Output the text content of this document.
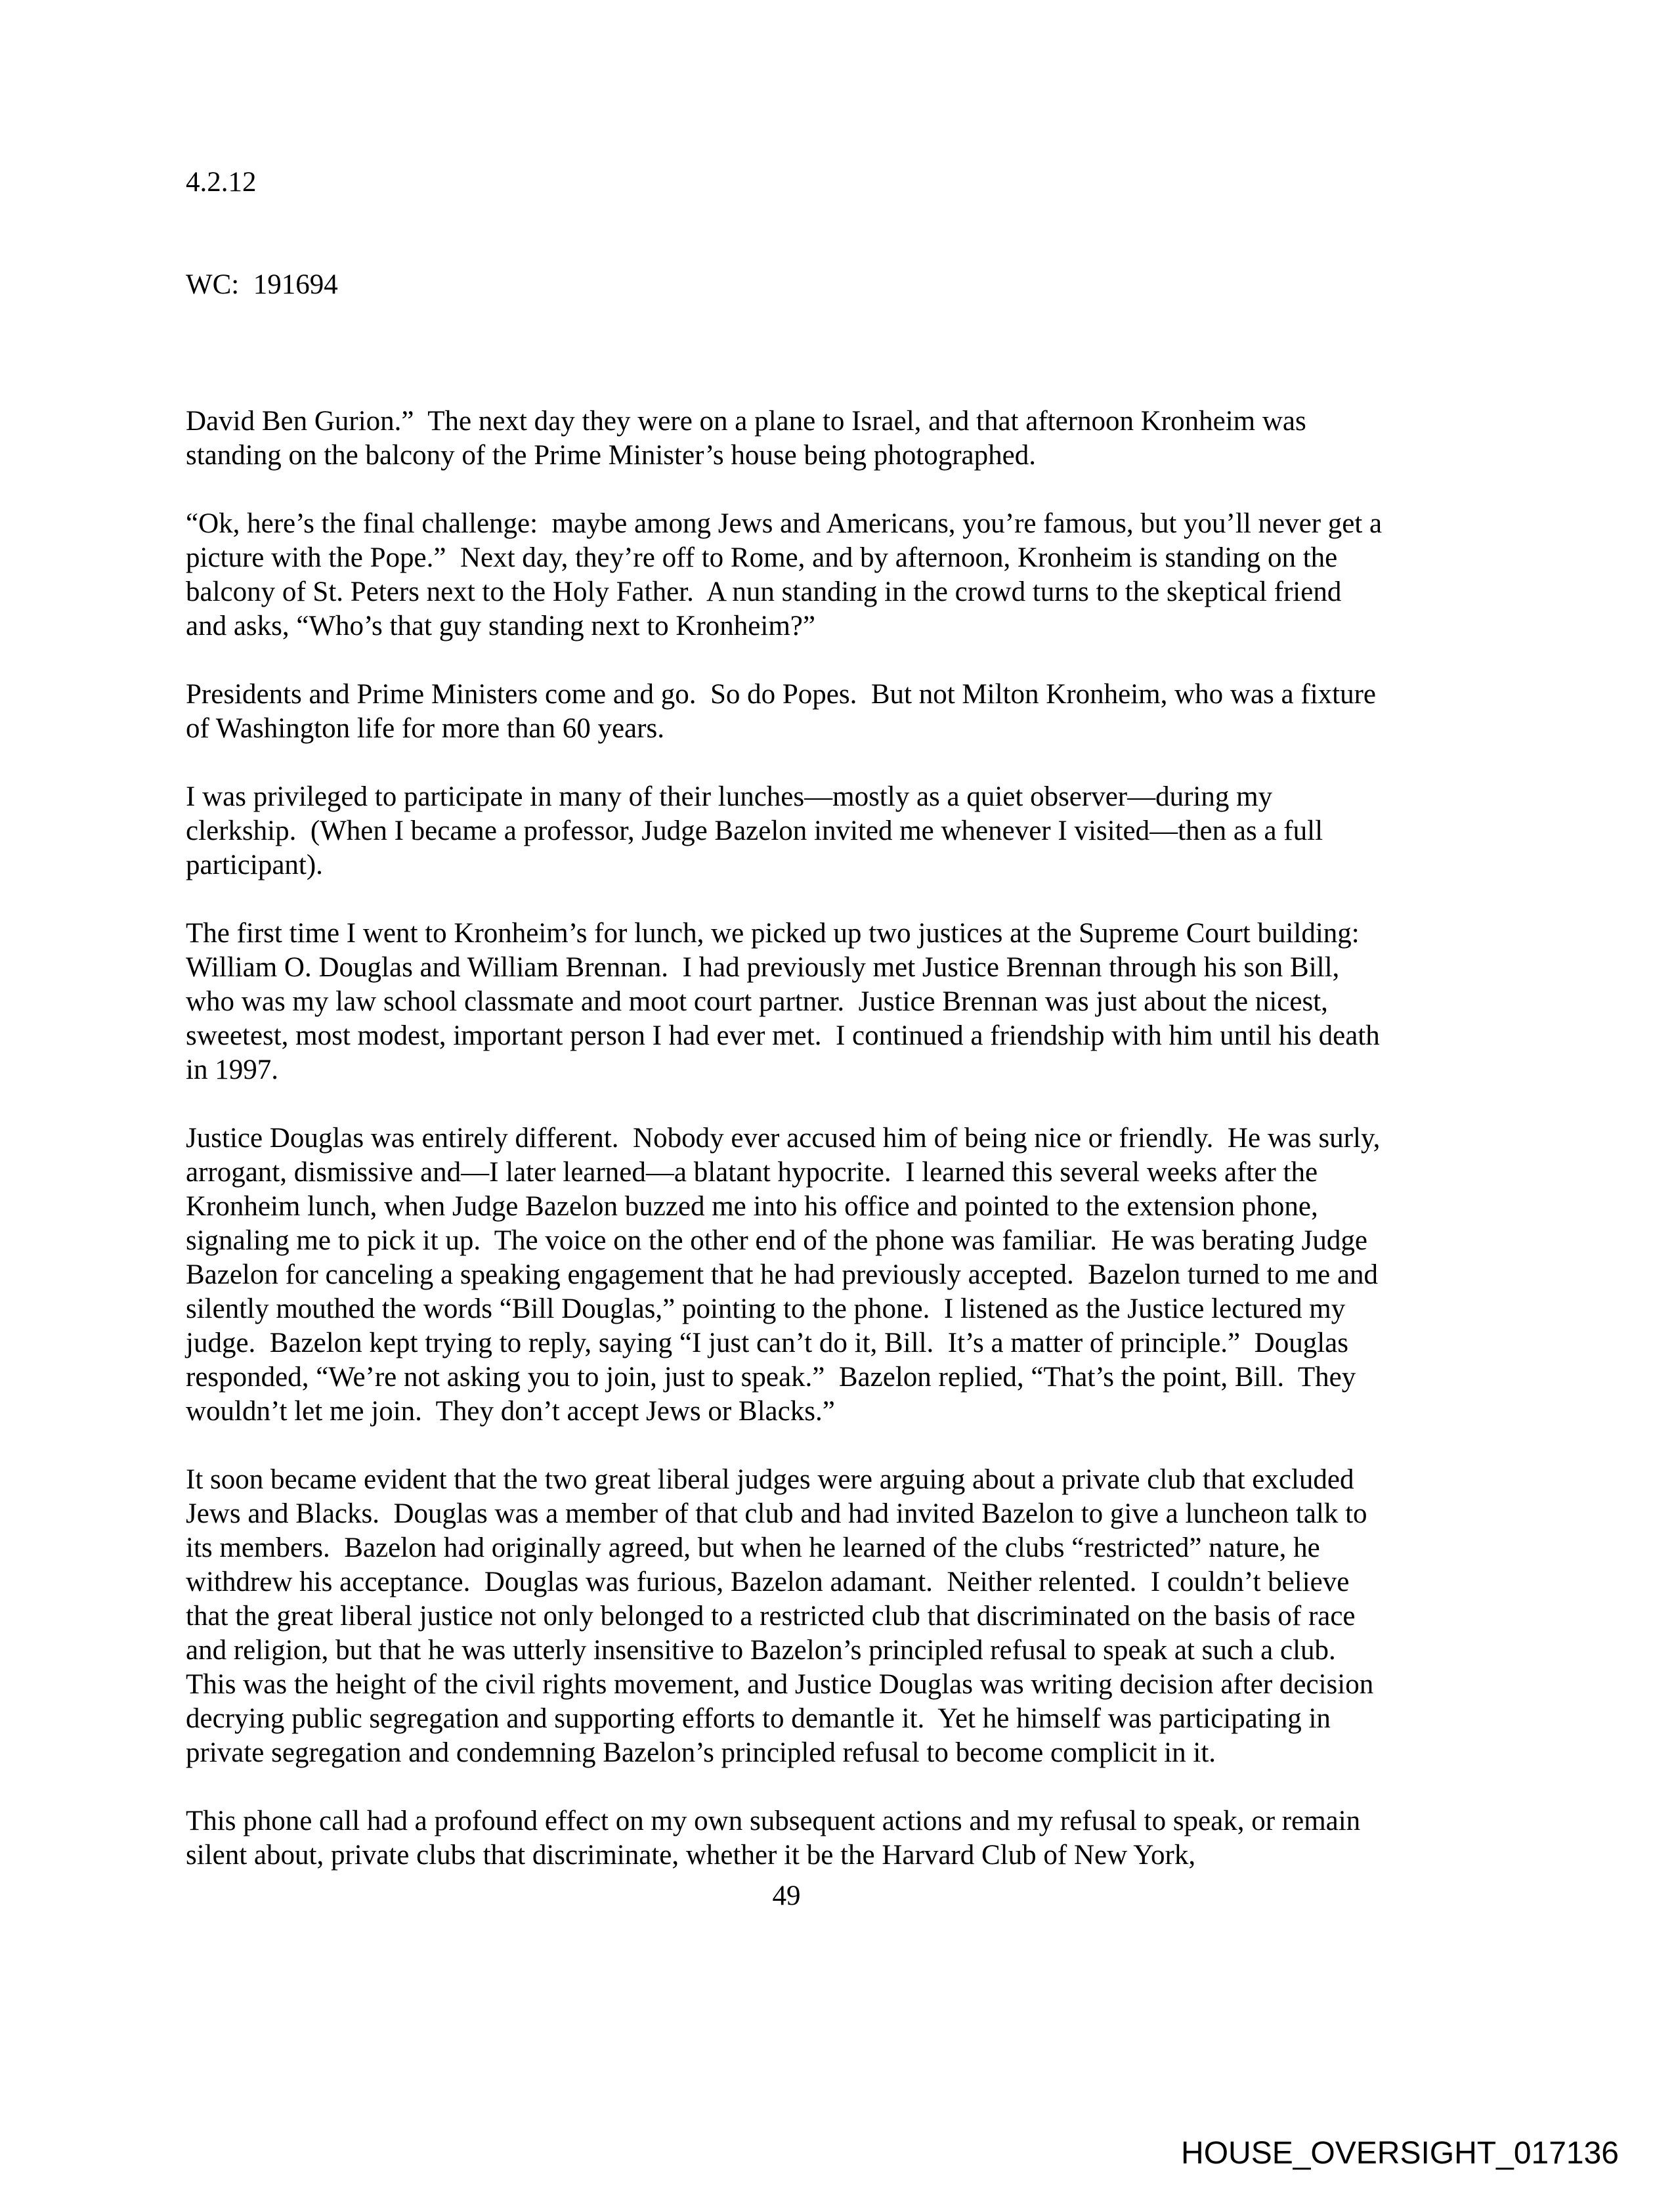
4.2.12

WC:  191694

David Ben Gurion.”  The next day they were on a plane to Israel, and that afternoon Kronheim was standing on the balcony of the Prime Minister’s house being photographed.

“Ok, here’s the final challenge:  maybe among Jews and Americans, you’re famous, but you’ll never get a picture with the Pope.”  Next day, they’re off to Rome, and by afternoon, Kronheim is standing on the balcony of St. Peters next to the Holy Father.  A nun standing in the crowd turns to the skeptical friend and asks, “Who’s that guy standing next to Kronheim?”

Presidents and Prime Ministers come and go.  So do Popes.  But not Milton Kronheim, who was a fixture of Washington life for more than 60 years.

I was privileged to participate in many of their lunches—mostly as a quiet observer—during my clerkship.  (When I became a professor, Judge Bazelon invited me whenever I visited—then as a full participant).

The first time I went to Kronheim’s for lunch, we picked up two justices at the Supreme Court building:  William O. Douglas and William Brennan.  I had previously met Justice Brennan through his son Bill, who was my law school classmate and moot court partner.  Justice Brennan was just about the nicest, sweetest, most modest, important person I had ever met.  I continued a friendship with him until his death in 1997.

Justice Douglas was entirely different.  Nobody ever accused him of being nice or friendly.  He was surly, arrogant, dismissive and—I later learned—a blatant hypocrite.  I learned this several weeks after the Kronheim lunch, when Judge Bazelon buzzed me into his office and pointed to the extension phone, signaling me to pick it up.  The voice on the other end of the phone was familiar.  He was berating Judge Bazelon for canceling a speaking engagement that he had previously accepted.  Bazelon turned to me and silently mouthed the words “Bill Douglas,” pointing to the phone.  I listened as the Justice lectured my judge.  Bazelon kept trying to reply, saying “I just can’t do it, Bill.  It’s a matter of principle.”  Douglas responded, “We’re not asking you to join, just to speak.”  Bazelon replied, “That’s the point, Bill.  They wouldn’t let me join.  They don’t accept Jews or Blacks.”

It soon became evident that the two great liberal judges were arguing about a private club that excluded Jews and Blacks.  Douglas was a member of that club and had invited Bazelon to give a luncheon talk to its members.  Bazelon had originally agreed, but when he learned of the clubs “restricted” nature, he withdrew his acceptance.  Douglas was furious, Bazelon adamant.  Neither relented.  I couldn’t believe that the great liberal justice not only belonged to a restricted club that discriminated on the basis of race and religion, but that he was utterly insensitive to Bazelon’s principled refusal to speak at such a club.  This was the height of the civil rights movement, and Justice Douglas was writing decision after decision decrying public segregation and supporting efforts to demantle it.  Yet he himself was participating in private segregation and condemning Bazelon’s principled refusal to become complicit in it.

This phone call had a profound effect on my own subsequent actions and my refusal to speak, or remain silent about, private clubs that discriminate, whether it be the Harvard Club of New York,

49
HOUSE_OVERSIGHT_017136
